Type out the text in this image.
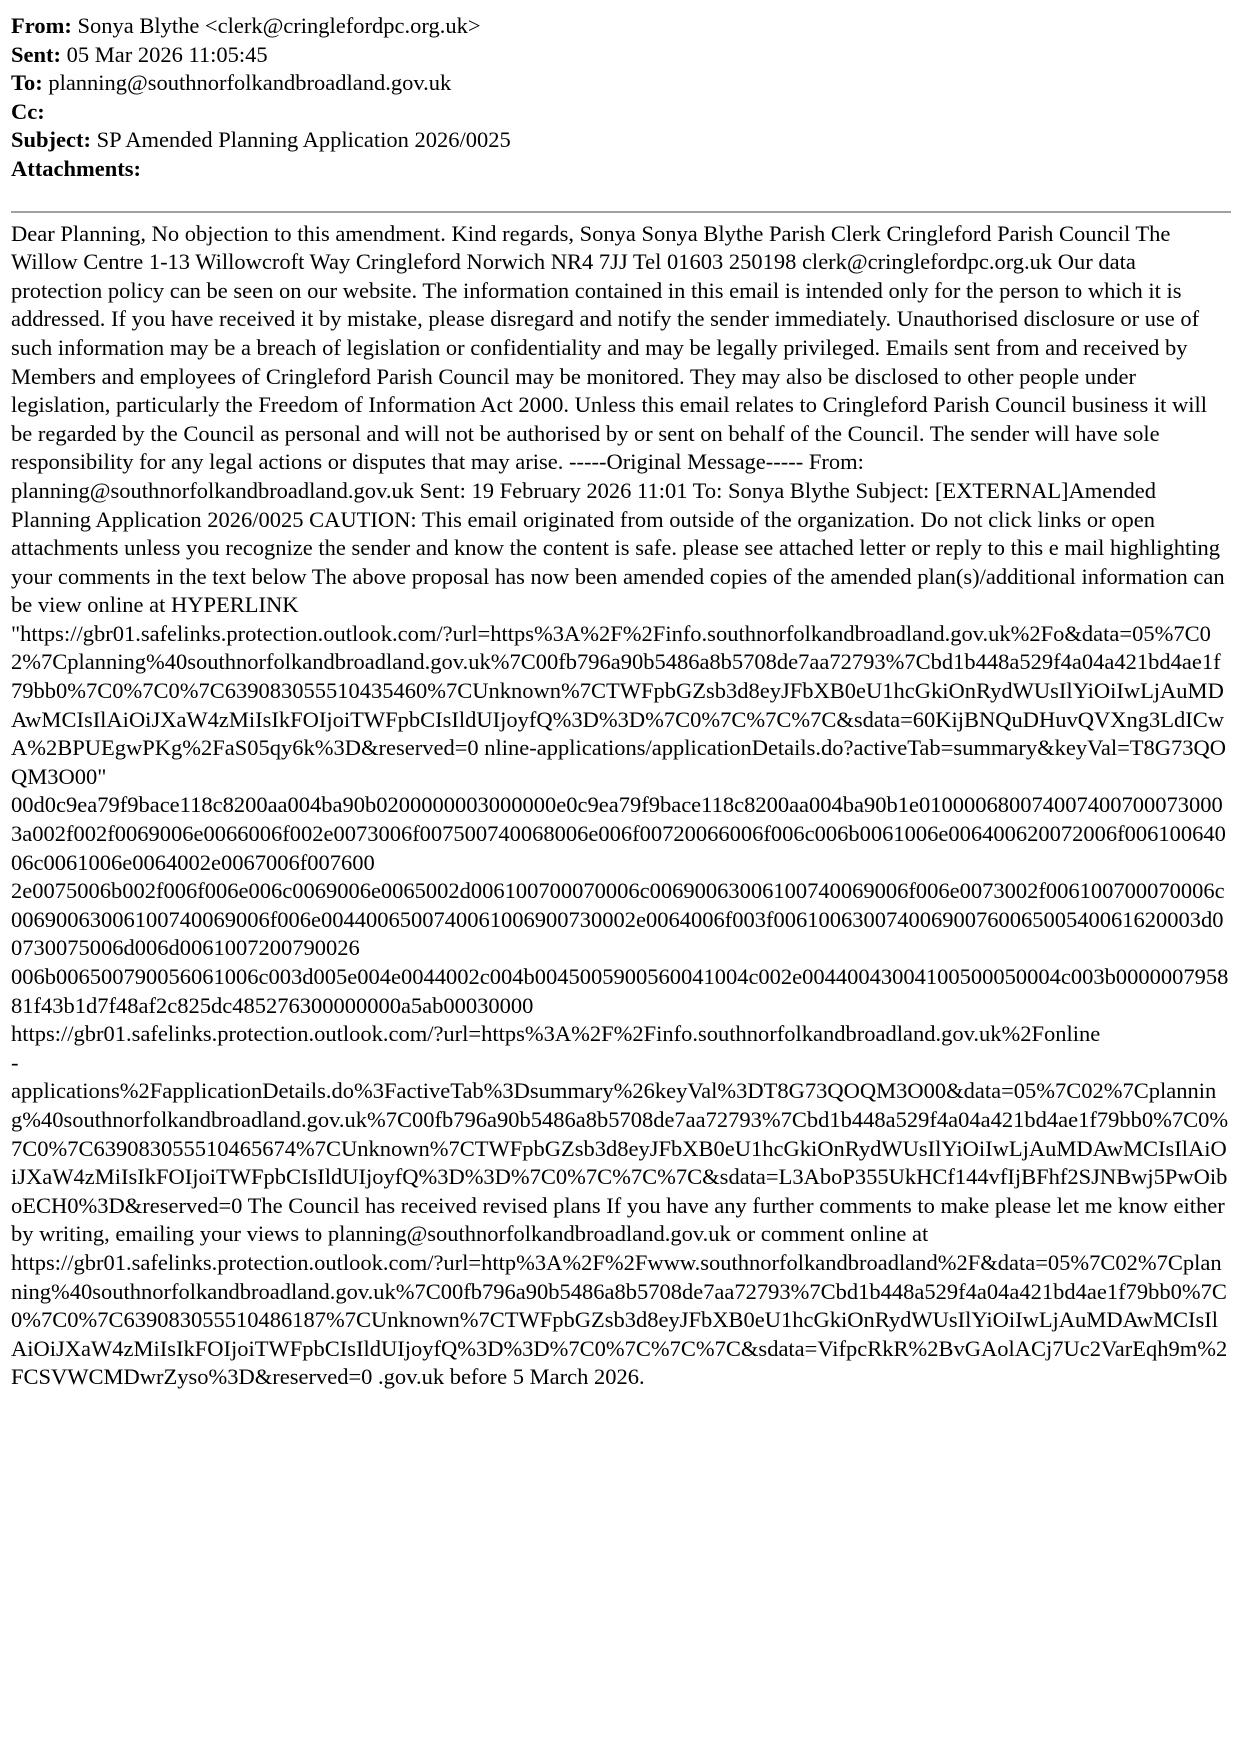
From: Sonya Blythe <clerk@cringlefordpc.org.uk>
Sent: 05 Mar 2026 11:05:45
To: planning@southnorfolkandbroadland.gov.uk
Cc:
Subject: SP Amended Planning Application 2026/0025
Attachments:
Dear Planning, No objection to this amendment. Kind regards, Sonya Sonya Blythe Parish Clerk Cringleford Parish Council The Willow Centre 1-13 Willowcroft Way Cringleford Norwich NR4 7JJ Tel 01603 250198 clerk@cringlefordpc.org.uk Our data protection policy can be seen on our website. The information contained in this email is intended only for the person to which it is addressed. If you have received it by mistake, please disregard and notify the sender immediately. Unauthorised disclosure or use of such information may be a breach of legislation or confidentiality and may be legally privileged. Emails sent from and received by Members and employees of Cringleford Parish Council may be monitored. They may also be disclosed to other people under legislation, particularly the Freedom of Information Act 2000. Unless this email relates to Cringleford Parish Council business it will be regarded by the Council as personal and will not be authorised by or sent on behalf of the Council. The sender will have sole responsibility for any legal actions or disputes that may arise. -----Original Message----- From: planning@southnorfolkandbroadland.gov.uk Sent: 19 February 2026 11:01 To: Sonya Blythe Subject: [EXTERNAL]Amended Planning Application 2026/0025 CAUTION: This email originated from outside of the organization. Do not click links or open attachments unless you recognize the sender and know the content is safe. please see attached letter or reply to this e mail highlighting your comments in the text below The above proposal has now been amended copies of the amended plan(s)/additional information can be view online at HYPERLINK
"https://gbr01.safelinks.protection.outlook.com/?url=https%3A%2F%2Finfo.southnorfolkandbroadland.gov.uk%2Fo&data=05%7C02%7Cplanning%40southnorfolkandbroadland.gov.uk%7C00fb796a90b5486a8b5708de7aa72793%7Cbd1b448a529f4a04a421bd4ae1f79bb0%7C0%7C0%7C639083055510435460%7CUnknown%7CTWFpbGZsb3d8eyJFbXB0eU1hcGkiOnRydWUsIlYiOiIwLjAuMDAwMCIsIlAiOiJXaW4zMiIsIkFOIjoiTWFpbCIsIldUIjoyfQ%3D%3D%7C0%7C%7C%7C&sdata=60KijBNQuDHuvQVXng3LdICwA%2BPUEgwPKg%2FaS05qy6k%3D&reserved=0 nline-applications/applicationDetails.do?activeTab=summary&keyVal=T8G73QOQM3O00"
00d0c9ea79f9bace118c8200aa004ba90b0200000003000000e0c9ea79f9bace118c8200aa004ba90b1e0100006800740074007000730003a002f002f0069006e0066006f002e0073006f007500740068006e006f00720066006f006c006b0061006e006400620072006f00610064006c0061006e0064002e0067006f007600
2e0075006b002f006f006e006c0069006e0065002d006100700070006c00690063006100740069006f006e0073002f006100700070006c00690063006100740069006f006e0044006500740061006900730002e0064006f003f00610063007400690076006500540061620003d00730075006d006d0061007200790026
006b006500790056061006c003d005e004e0044002c004b0045005900560041004c002e00440043004100500050004c003b000000795881f43b1d7f48af2c825dc485276300000000a5ab00030000
https://gbr01.safelinks.protection.outlook.com/?url=https%3A%2F%2Finfo.southnorfolkandbroadland.gov.uk%2Fonline
-
applications%2FapplicationDetails.do%3FactiveTab%3Dsummary%26keyVal%3DT8G73QOQM3O00&data=05%7C02%7Cplanning%40southnorfolkandbroadland.gov.uk%7C00fb796a90b5486a8b5708de7aa72793%7Cbd1b448a529f4a04a421bd4ae1f79bb0%7C0%7C0%7C639083055510465674%7CUnknown%7CTWFpbGZsb3d8eyJFbXB0eU1hcGkiOnRydWUsIlYiOiIwLjAuMDAwMCIsIlAiOiJXaW4zMiIsIkFOIjoiTWFpbCIsIldUIjoyfQ%3D%3D%7C0%7C%7C%7C&sdata=L3AboP355UkHCf144vfIjBFhf2SJNBwj5PwOiboECH0%3D&reserved=0 The Council has received revised plans If you have any further comments to make please let me know either by writing, emailing your views to planning@southnorfolkandbroadland.gov.uk or comment online at
https://gbr01.safelinks.protection.outlook.com/?url=http%3A%2F%2Fwww.southnorfolkandbroadland%2F&data=05%7C02%7Cplanning%40southnorfolkandbroadland.gov.uk%7C00fb796a90b5486a8b5708de7aa72793%7Cbd1b448a529f4a04a421bd4ae1f79bb0%7C0%7C0%7C639083055510486187%7CUnknown%7CTWFpbGZsb3d8eyJFbXB0eU1hcGkiOnRydWUsIlYiOiIwLjAuMDAwMCIsIlAiOiJXaW4zMiIsIkFOIjoiTWFpbCIsIldUIjoyfQ%3D%3D%7C0%7C%7C%7C&sdata=VifpcRkR%2BvGAolACj7Uc2VarEqh9m%2FCSVWCMDwrZyso%3D&reserved=0 .gov.uk before 5 March 2026.
